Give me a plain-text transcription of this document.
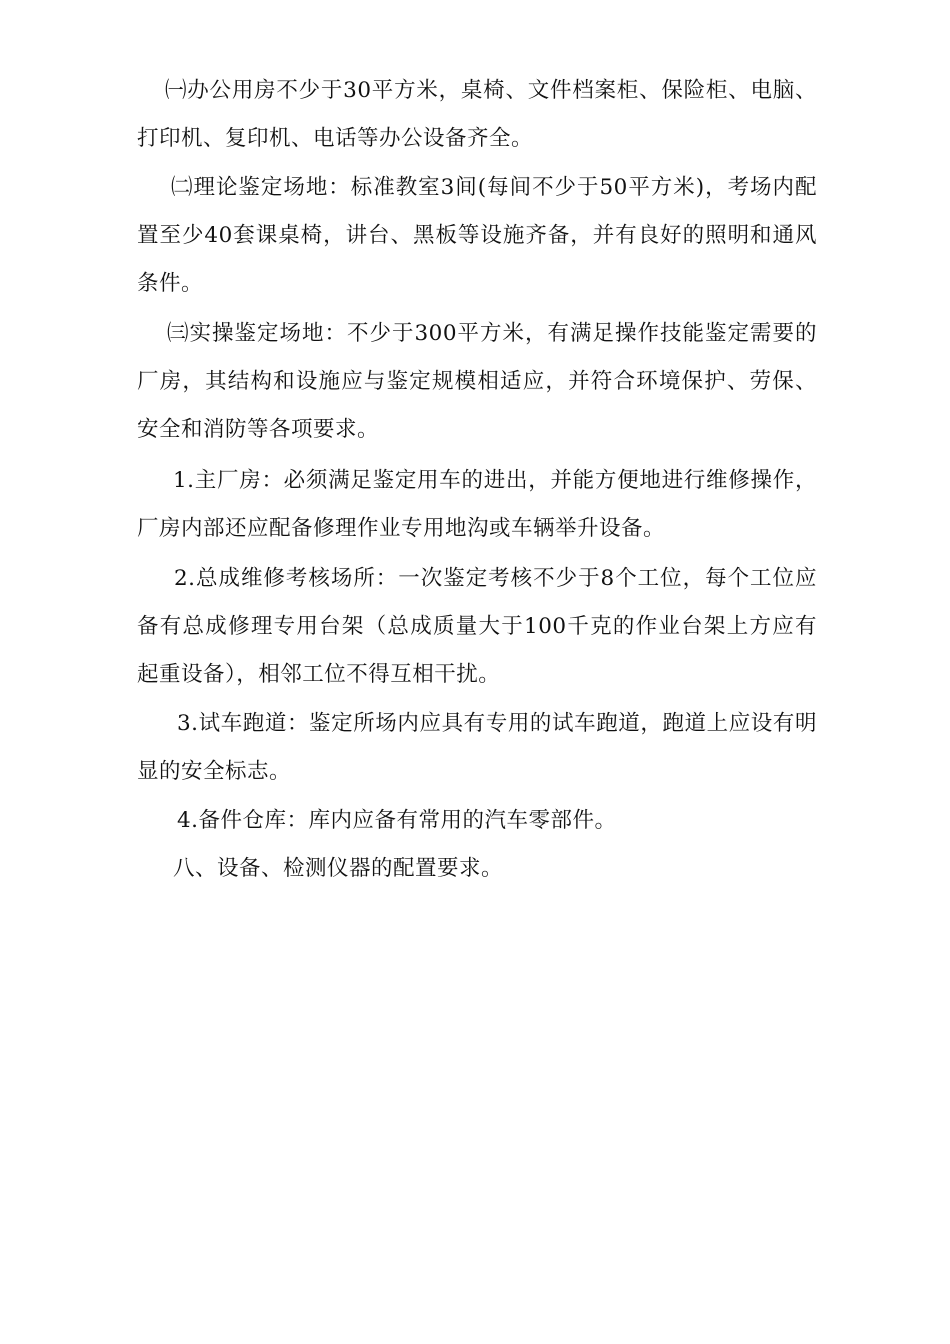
㈠办公用房不少于30平方米，桌椅、文件档案柜、保险柜、电脑、打印机、复印机、电话等办公设备齐全。

㈡理论鉴定场地：标准教室3间(每间不少于50平方米)，考场内配置至少40套课桌椅，讲台、黑板等设施齐备，并有良好的照明和通风条件。

㈢实操鉴定场地：不少于300平方米，有满足操作技能鉴定需要的厂房，其结构和设施应与鉴定规模相适应，并符合环境保护、劳保、安全和消防等各项要求。

1.主厂房：必须满足鉴定用车的进出，并能方便地进行维修操作，厂房内部还应配备修理作业专用地沟或车辆举升设备。

2.总成维修考核场所：一次鉴定考核不少于8个工位，每个工位应备有总成修理专用台架（总成质量大于100千克的作业台架上方应有起重设备），相邻工位不得互相干扰。

3.试车跑道：鉴定所场内应具有专用的试车跑道，跑道上应设有明显的安全标志。

4.备件仓库：库内应备有常用的汽车零部件。

八、设备、检测仪器的配置要求。
